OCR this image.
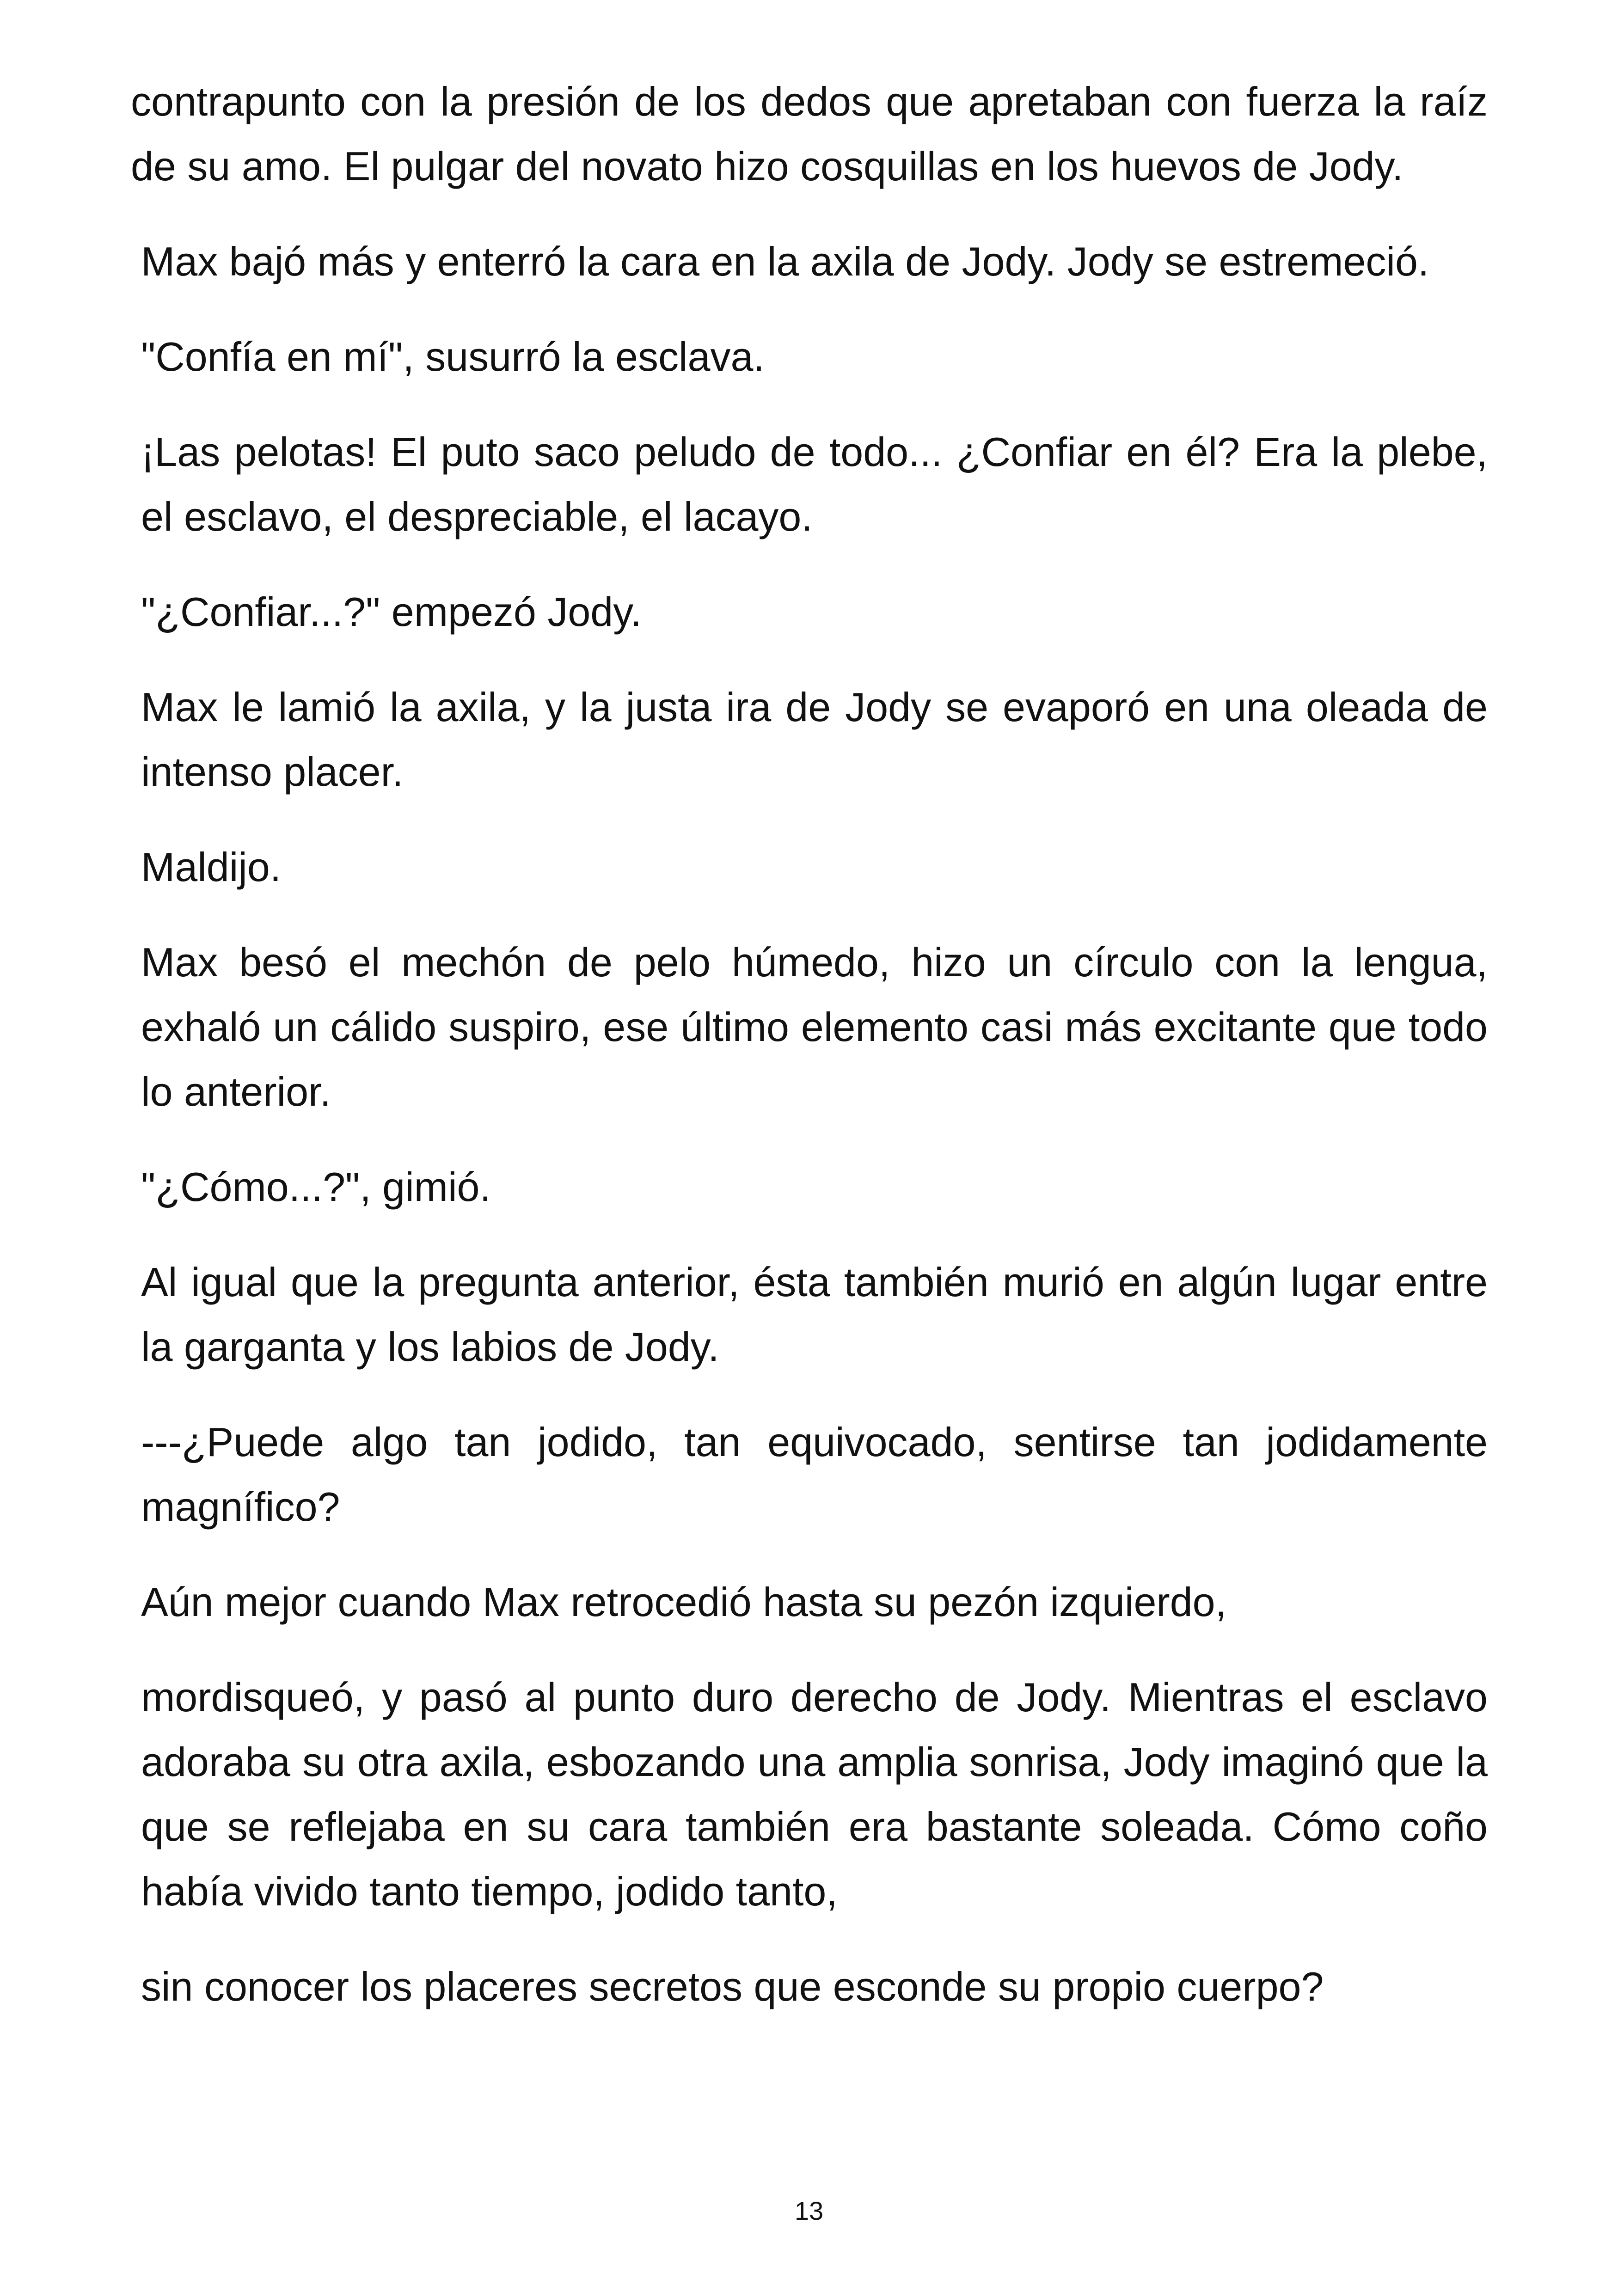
contrapunto con la presión de los dedos que apretaban con fuerza la raíz de su amo. El pulgar del novato hizo cosquillas en los huevos de Jody.

Max bajó más y enterró la cara en la axila de Jody. Jody se estremeció.

"Confía en mí", susurró la esclava.

¡Las pelotas! El puto saco peludo de todo... ¿Confiar en él? Era la plebe, el esclavo, el despreciable, el lacayo.

"¿Confiar...?" empezó Jody.

Max le lamió la axila, y la justa ira de Jody se evaporó en una oleada de intenso placer.

Maldijo.

Max besó el mechón de pelo húmedo, hizo un círculo con la lengua, exhaló un cálido suspiro, ese último elemento casi más excitante que todo lo anterior.

"¿Cómo...?", gimió.

Al igual que la pregunta anterior, ésta también murió en algún lugar entre la garganta y los labios de Jody.

---¿Puede algo tan jodido, tan equivocado, sentirse tan jodidamente magnífico?

Aún mejor cuando Max retrocedió hasta su pezón izquierdo,

mordisqueó, y pasó al punto duro derecho de Jody. Mientras el esclavo adoraba su otra axila, esbozando una amplia sonrisa, Jody imaginó que la que se reflejaba en su cara también era bastante soleada. Cómo coño había vivido tanto tiempo, jodido tanto,

sin conocer los placeres secretos que esconde su propio cuerpo?

13
